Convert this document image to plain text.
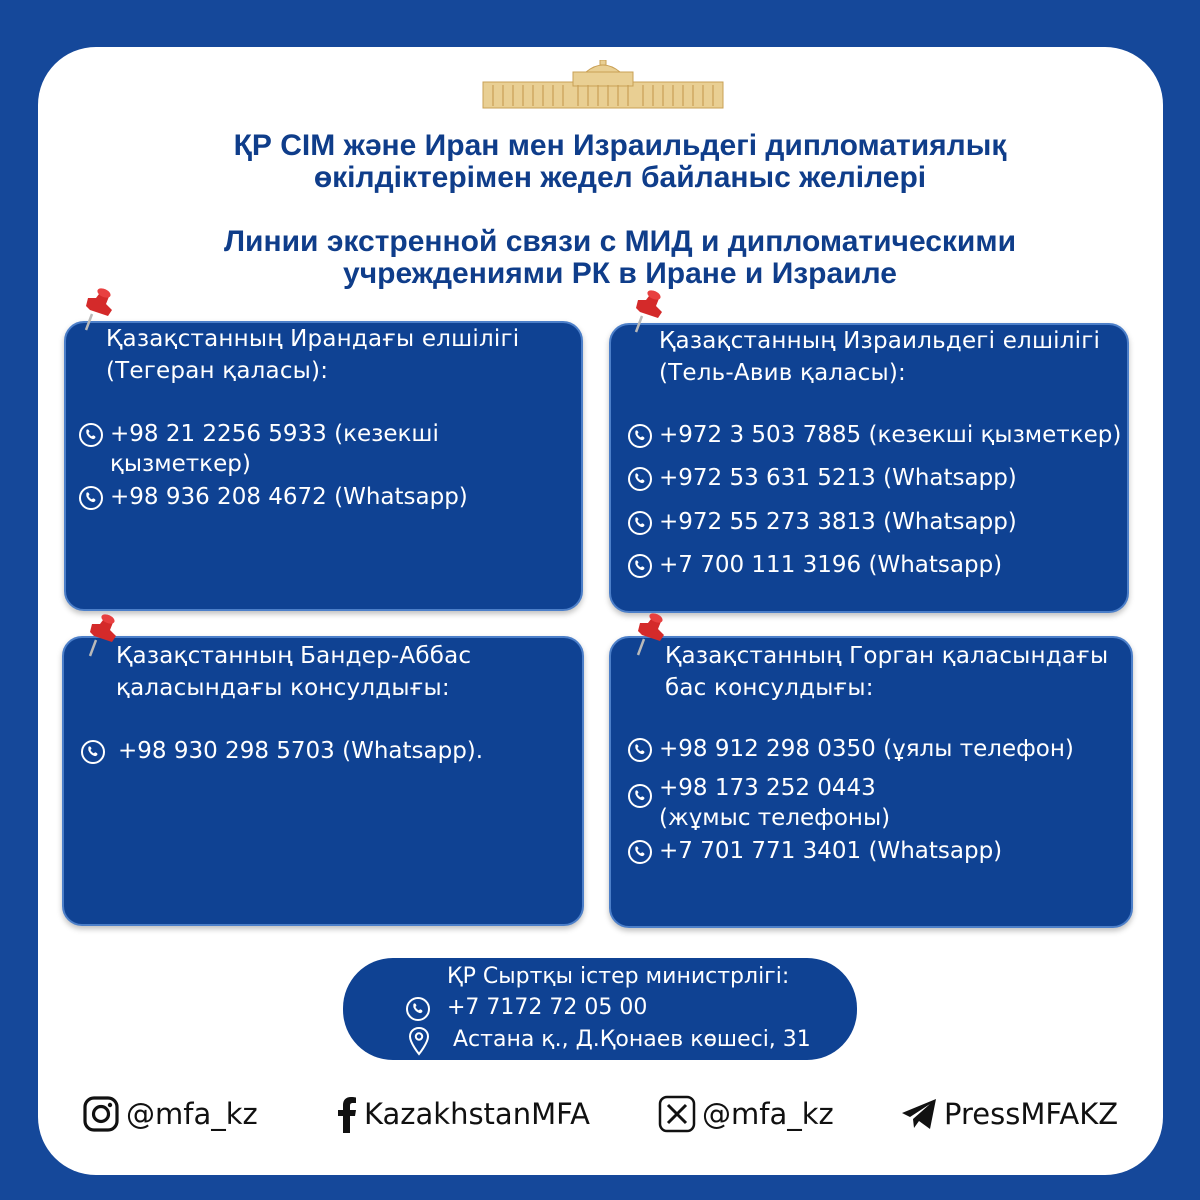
ҚР СІМ және Иран мен Израильдегі дипломатиялық өкілдіктерімен жедел байланыс желілері
Линии экстренной связи с МИД и дипломатическими учреждениями РК в Иране и Израиле
Қазақстанның Ирандағы елшілігі
(Тегеран қаласы):
+98 21 2256 5933 (кезекші қызметкер)
+98 936 208 4672 (Whatsapp)
Қазақстанның Израильдегі елшілігі
(Тель-Авив қаласы):
+972 3 503 7885 (кезекші қызметкер)
+972 53 631 5213 (Whatsapp)
+972 55 273 3813 (Whatsapp)
+7 700 111 3196 (Whatsapp)
Қазақстанның Бандер-Аббас
қаласындағы консулдығы:
+98 930 298 5703 (Whatsapp).
Қазақстанның Горган қаласындағы
бас консулдығы:
+98 912 298 0350 (ұялы телефон)
+98 173 252 0443
(жұмыс телефоны)
+7 701 771 3401 (Whatsapp)
ҚР Сыртқы істер министрлігі:
+7 7172 72 05 00
Астана қ., Д.Қонаев көшесі, 31
@mfa_kz	KazakhstanMFA	@mfa_kz	PressMFAKZ
